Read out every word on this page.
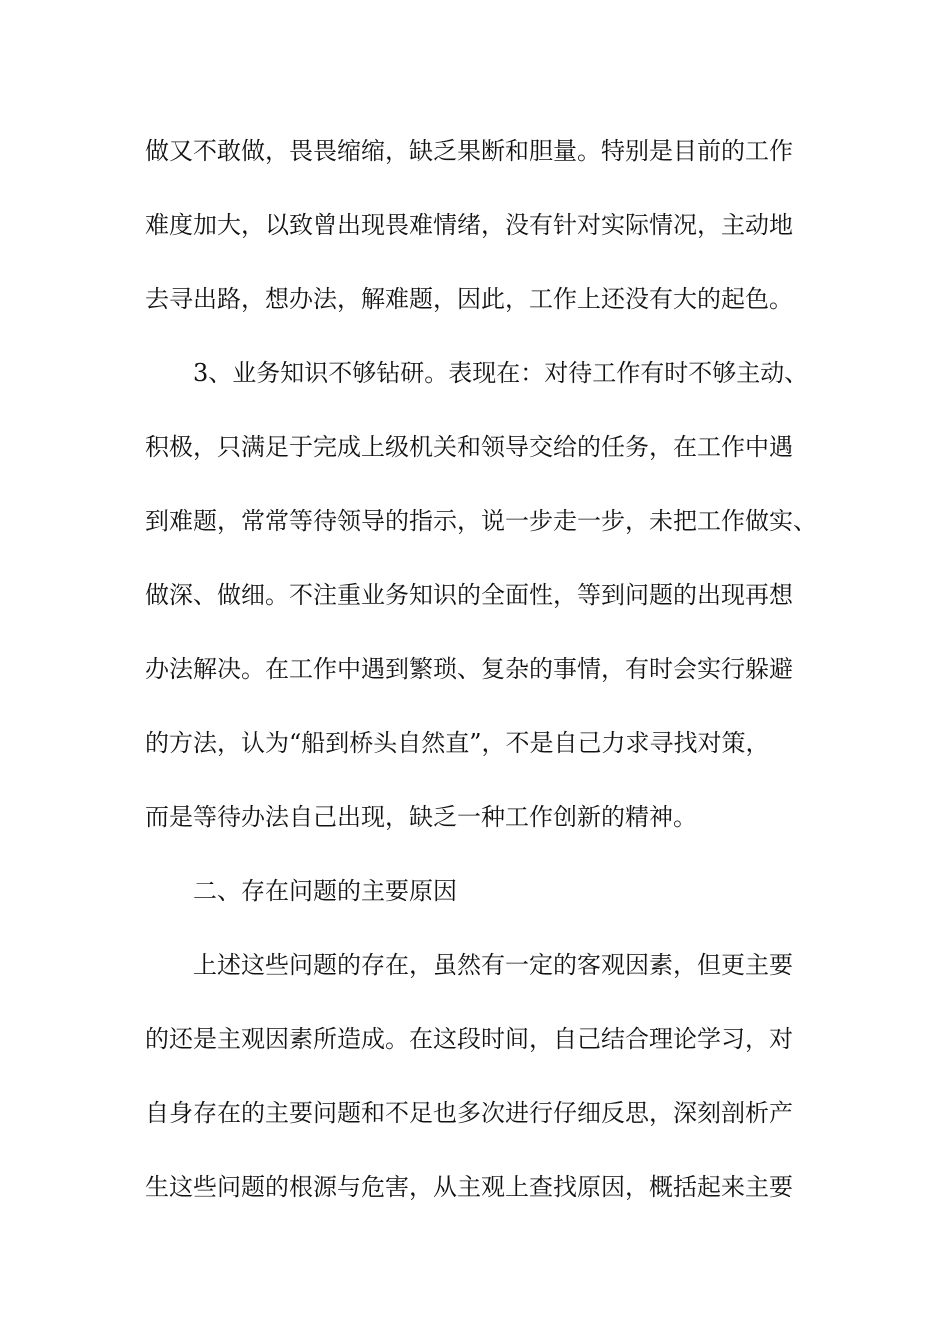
做又不敢做，畏畏缩缩，缺乏果断和胆量。特别是目前的工作
难度加大，以致曾出现畏难情绪，没有针对实际情况，主动地
去寻出路，想办法，解难题，因此，工作上还没有大的起色。
3、业务知识不够钻研。表现在：对待工作有时不够主动、
积极，只满足于完成上级机关和领导交给的任务，在工作中遇
到难题，常常等待领导的指示，说一步走一步，未把工作做实、
做深、做细。不注重业务知识的全面性，等到问题的出现再想
办法解决。在工作中遇到繁琐、复杂的事情，有时会实行躲避
的方法，认为“船到桥头自然直”，不是自己力求寻找对策，
而是等待办法自己出现，缺乏一种工作创新的精神。
二、存在问题的主要原因
上述这些问题的存在，虽然有一定的客观因素，但更主要
的还是主观因素所造成。在这段时间，自己结合理论学习，对
自身存在的主要问题和不足也多次进行仔细反思，深刻剖析产
生这些问题的根源与危害，从主观上查找原因，概括起来主要
